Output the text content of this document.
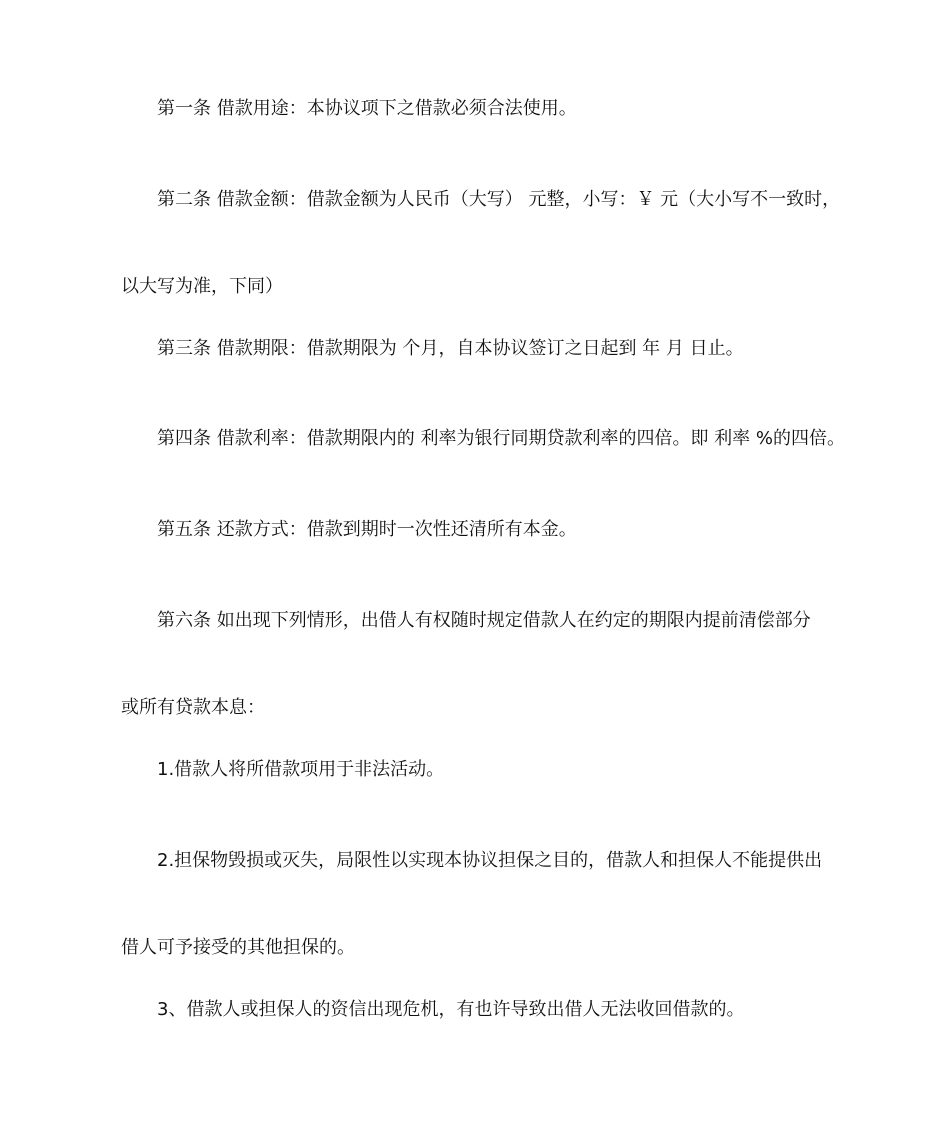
第一条 借款用途：本协议项下之借款必须合法使用。

第二条 借款金额：借款金额为人民币（大写） 元整，小写：￥ 元（大小写不一致时，
以大写为准，下同）

第三条 借款期限：借款期限为 个月，自本协议签订之日起到 年 月 日止。

第四条 借款利率：借款期限内的 利率为银行同期贷款利率的四倍。即 利率 %的四倍。

第五条 还款方式：借款到期时一次性还清所有本金。

第六条 如出现下列情形，出借人有权随时规定借款人在约定的期限内提前清偿部分
或所有贷款本息：

1.借款人将所借款项用于非法活动。

2.担保物毁损或灭失，局限性以实现本协议担保之目的，借款人和担保人不能提供出
借人可予接受的其他担保的。

3、借款人或担保人的资信出现危机，有也许导致出借人无法收回借款的。
